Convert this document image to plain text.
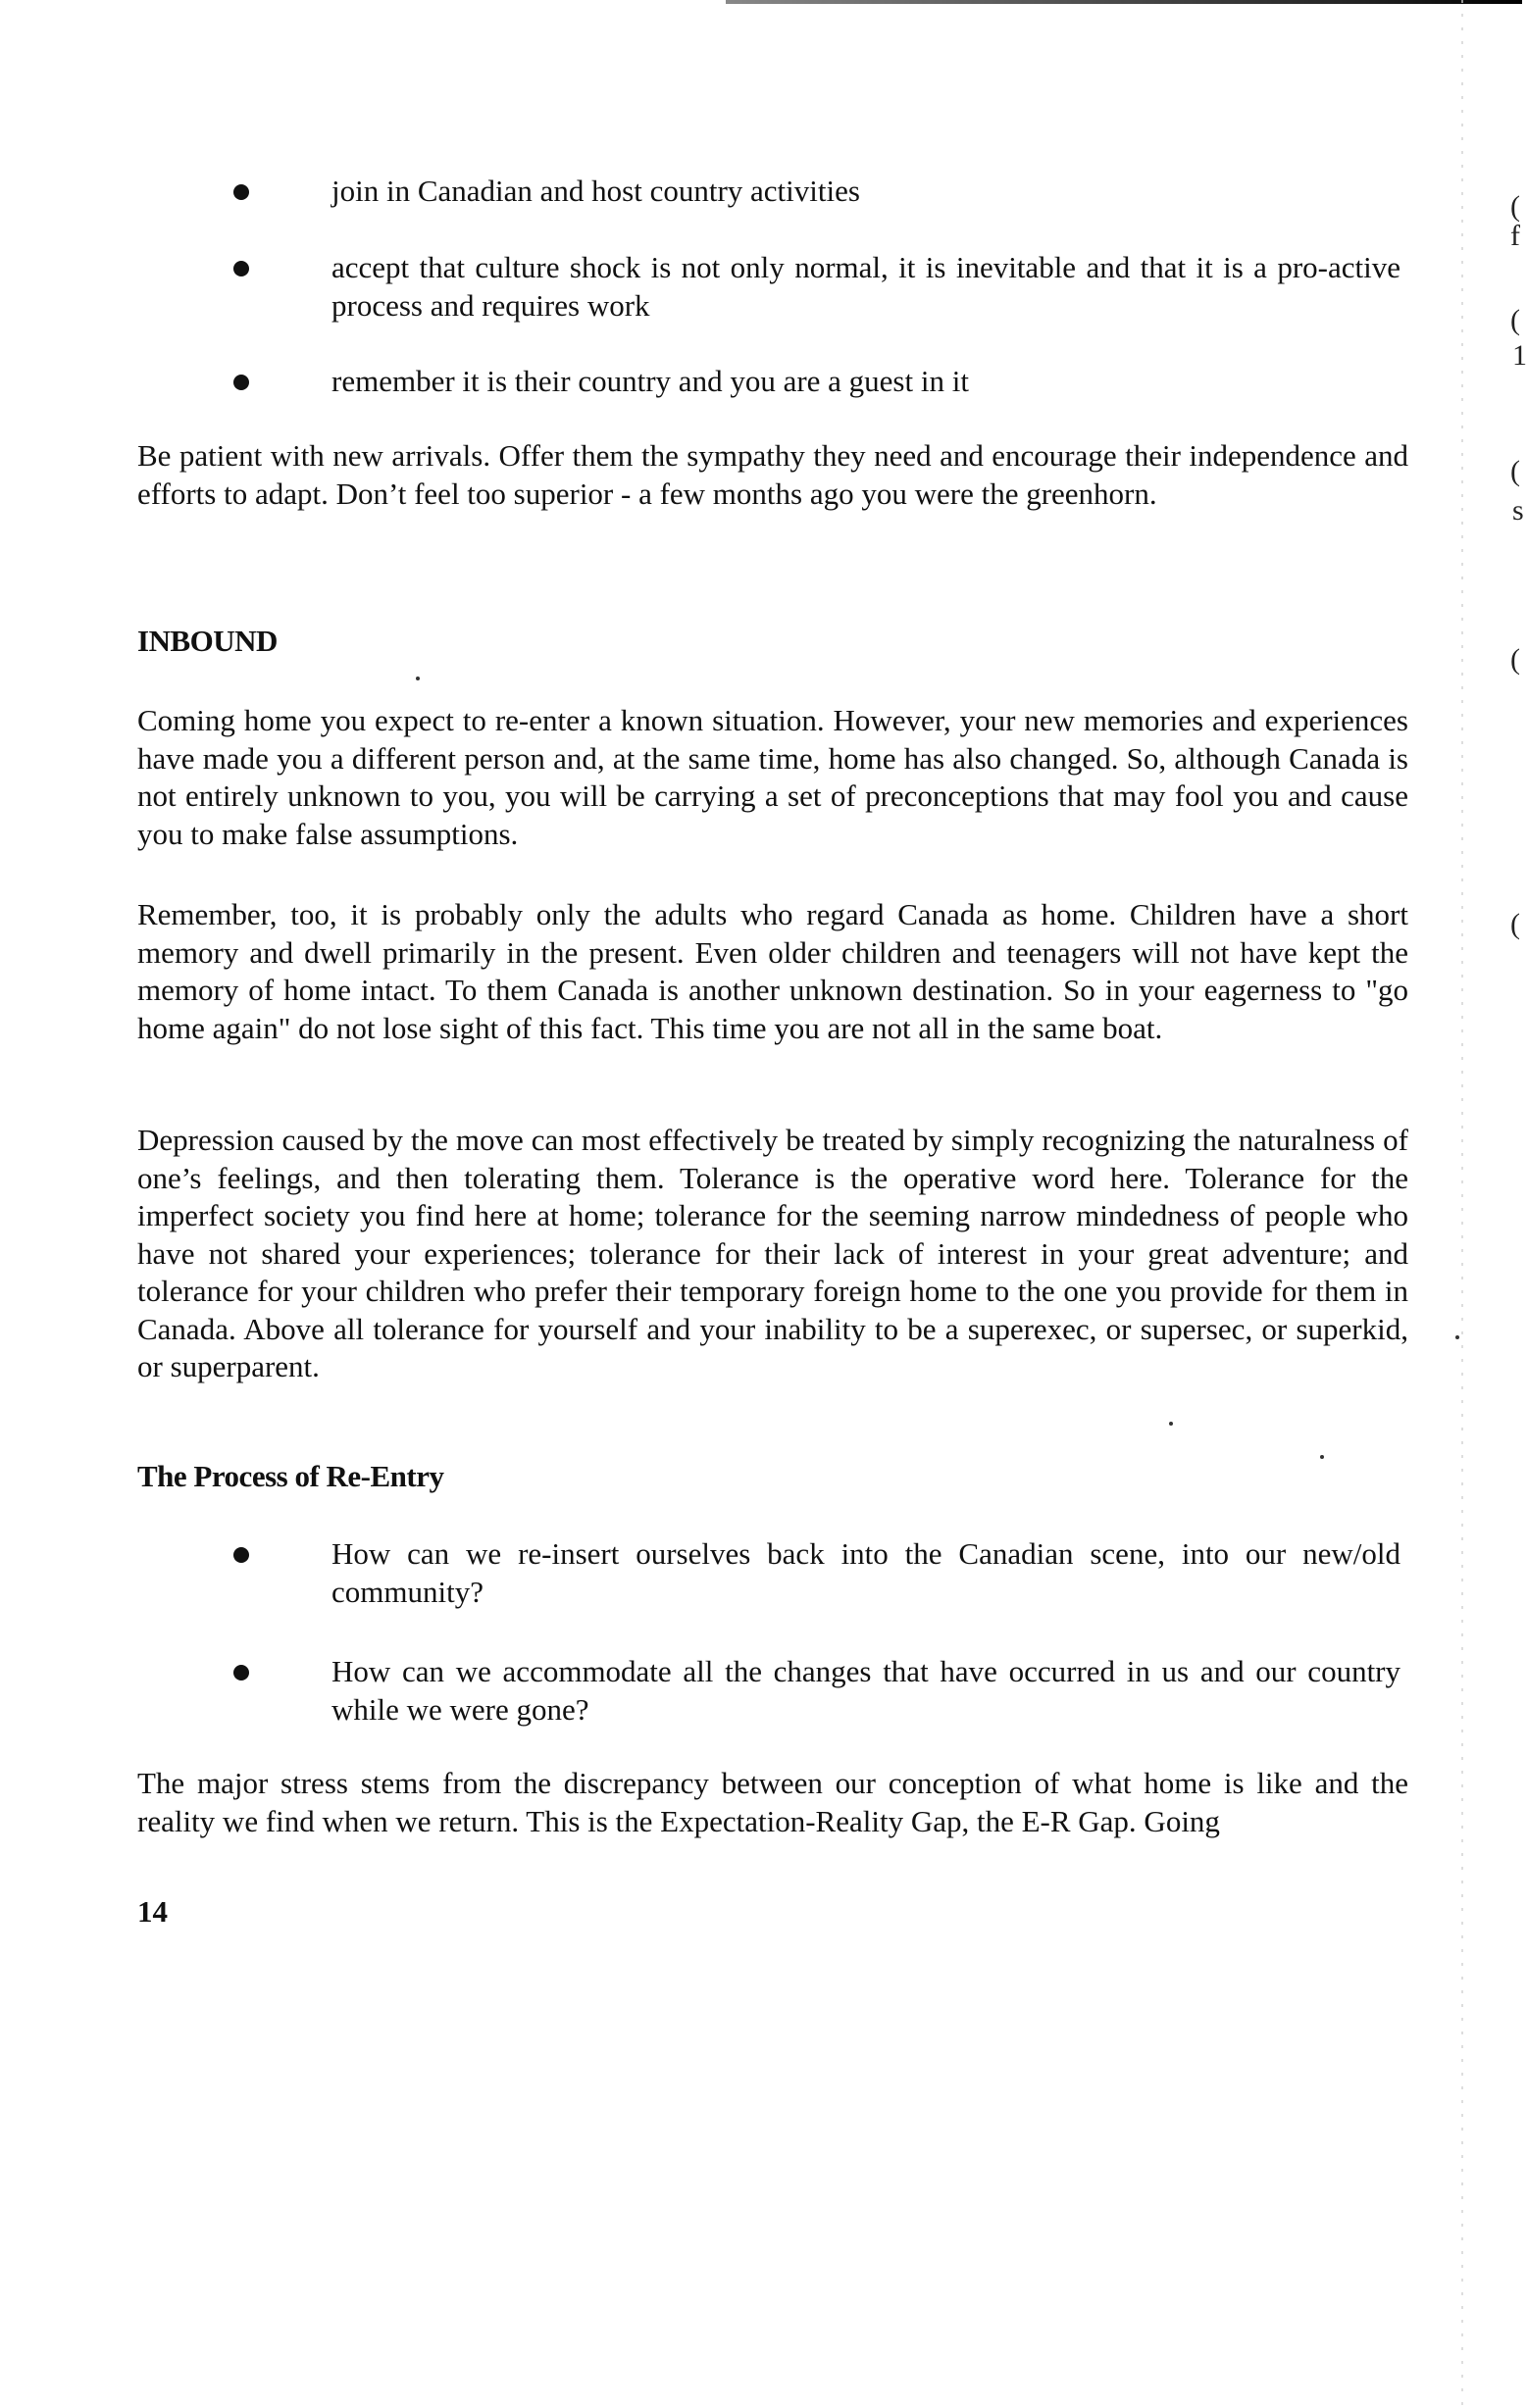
join in Canadian and host country activities
accept that culture shock is not only normal, it is inevitable and that it is a pro-active process and requires work
remember it is their country and you are a guest in it

Be patient with new arrivals. Offer them the sympathy they need and encourage their independence and efforts to adapt. Don’t feel too superior - a few months ago you were the greenhorn.

INBOUND

Coming home you expect to re-enter a known situation. However, your new memories and experiences have made you a different person and, at the same time, home has also changed. So, although Canada is not entirely unknown to you, you will be carrying a set of preconceptions that may fool you and cause you to make false assumptions.

Remember, too, it is probably only the adults who regard Canada as home. Children have a short memory and dwell primarily in the present. Even older children and teenagers will not have kept the memory of home intact. To them Canada is another unknown destination. So in your eagerness to "go home again" do not lose sight of this fact. This time you are not all in the same boat.

Depression caused by the move can most effectively be treated by simply recognizing the naturalness of one’s feelings, and then tolerating them. Tolerance is the operative word here. Tolerance for the imperfect society you find here at home; tolerance for the seeming narrow mindedness of people who have not shared your experiences; tolerance for their lack of interest in your great adventure; and tolerance for your children who prefer their temporary foreign home to the one you provide for them in Canada. Above all tolerance for yourself and your inability to be a superexec, or supersec, or superkid, or superparent.

The Process of Re-Entry
How can we re-insert ourselves back into the Canadian scene, into our new/old community?
How can we accommodate all the changes that have occurred in us and our country while we were gone?

The major stress stems from the discrepancy between our conception of what home is like and the reality we find when we return. This is the Expectation-Reality Gap, the E-R Gap. Going

14
(
f
(
1
(
s
(
(
